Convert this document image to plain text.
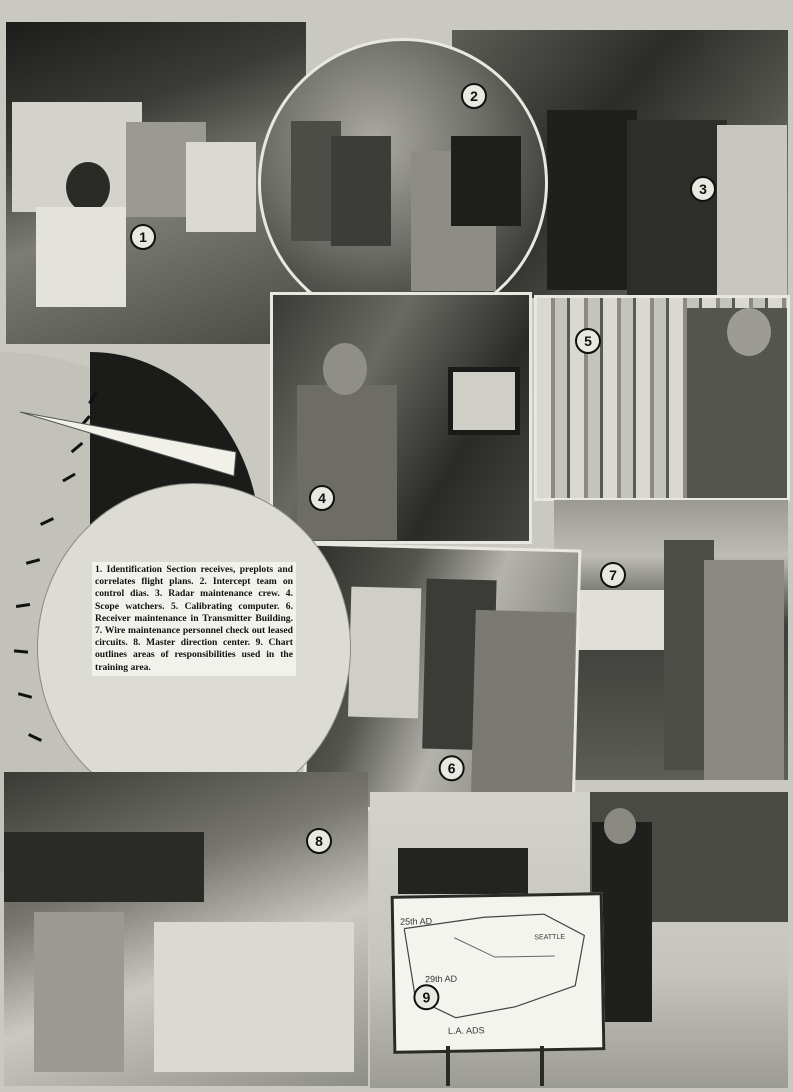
1
3
2
4
5
7
6
1. Identification Section receives, preplots and correlates flight plans. 2. Intercept team on control dias. 3. Radar maintenance crew. 4. Scope watchers. 5. Calibrating computer. 6. Receiver maintenance in Transmitter Building. 7. Wire maintenance personnel check out leased circuits. 8. Master direction center. 9. Chart outlines areas of responsibilities used in the training area.
8
25th AD
29th AD
SEATTLE
L.A. ADS
9
